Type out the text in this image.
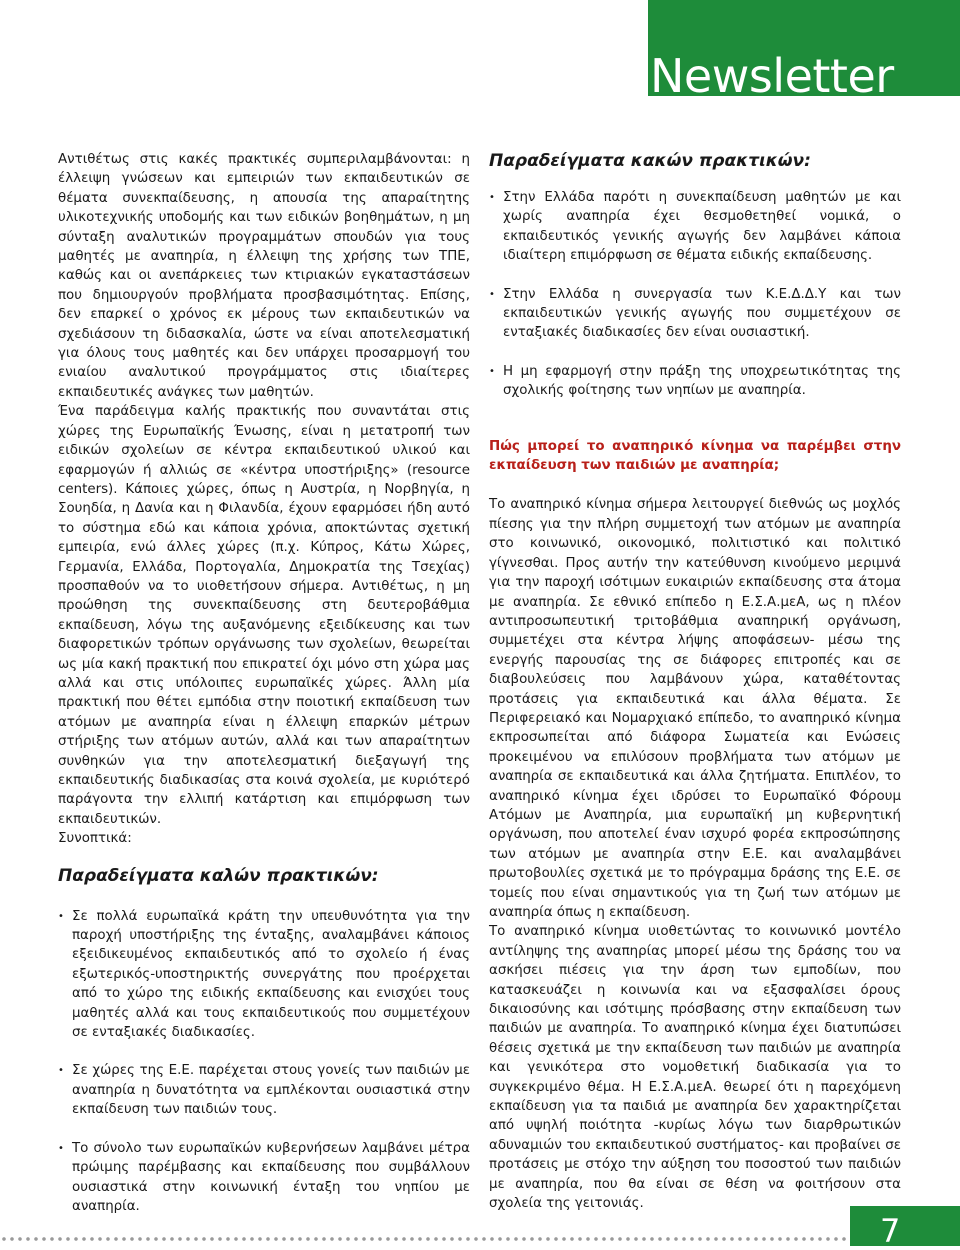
Newsletter

Αντιθέτως στις κακές πρακτικές συμπεριλαμβάνονται: η έλλειψη γνώσεων και εμπειριών των εκπαιδευτικών σε θέματα συνεκπαίδευσης, η απουσία της απαραίτητης υλικοτεχνικής υποδομής και των ειδικών βοηθημάτων, η μη σύνταξη αναλυτικών προγραμμάτων σπουδών για τους μαθητές με αναπηρία, η έλλειψη της χρήσης των ΤΠΕ, καθώς και οι ανεπάρκειες των κτιριακών εγκαταστάσεων που δημιουργούν προβλήματα προσβασιμότητας. Επίσης, δεν επαρκεί ο χρόνος εκ μέρους των εκπαιδευτικών να σχεδιάσουν τη διδασκαλία, ώστε να είναι αποτελεσματική για όλους τους μαθητές και δεν υπάρχει προσαρμογή του ενιαίου αναλυτικού προγράμματος στις ιδιαίτερες εκπαιδευτικές ανάγκες των μαθητών.

Ένα παράδειγμα καλής πρακτικής που συναντάται στις χώρες της Ευρωπαϊκής Ένωσης, είναι η μετατροπή των ειδικών σχολείων σε κέντρα εκπαιδευτικού υλικού και εφαρμογών ή αλλιώς σε «κέντρα υποστήριξης» (resource centers). Κάποιες χώρες, όπως η Αυστρία, η Νορβηγία, η Σουηδία, η Δανία και η Φιλανδία, έχουν εφαρμόσει ήδη αυτό το σύστημα εδώ και κάποια χρόνια, αποκτώντας σχετική εμπειρία, ενώ άλλες χώρες (π.χ. Κύπρος, Κάτω Χώρες, Γερμανία, Ελλάδα, Πορτογαλία, Δημοκρατία της Τσεχίας) προσπαθούν να το υιοθετήσουν σήμερα. Αντιθέτως, η μη προώθηση της συνεκπαίδευσης στη δευτεροβάθμια εκπαίδευση, λόγω της αυξανόμενης εξειδίκευσης και των διαφορετικών τρόπων οργάνωσης των σχολείων, θεωρείται ως μία κακή πρακτική που επικρατεί όχι μόνο στη χώρα μας αλλά και στις υπόλοιπες ευρωπαϊκές χώρες. Άλλη μία πρακτική που θέτει εμπόδια στην ποιοτική εκπαίδευση των ατόμων με αναπηρία είναι η έλλειψη επαρκών μέτρων στήριξης των ατόμων αυτών, αλλά και των απαραίτητων συνθηκών για την αποτελεσματική διεξαγωγή της εκπαιδευτικής διαδικασίας στα κοινά σχολεία, με κυριότερό παράγοντα την ελλιπή κατάρτιση και επιμόρφωση των εκπαιδευτικών.

Συνοπτικά:

Παραδείγματα καλών πρακτικών:
• Σε πολλά ευρωπαϊκά κράτη την υπευθυνότητα για την παροχή υποστήριξης της ένταξης, αναλαμβάνει κάποιος εξειδικευμένος εκπαιδευτικός από το σχολείο ή ένας εξωτερικός-υποστηρικτής συνεργάτης που προέρχεται από το χώρο της ειδικής εκπαίδευσης και ενισχύει τους μαθητές αλλά και τους εκπαιδευτικούς που συμμετέχουν σε ενταξιακές διαδικασίες.
• Σε χώρες της Ε.Ε. παρέχεται στους γονείς των παιδιών με αναπηρία η δυνατότητα να εμπλέκονται ουσιαστικά στην εκπαίδευση των παιδιών τους.
• Το σύνολο των ευρωπαϊκών κυβερνήσεων λαμβάνει μέτρα πρώιμης παρέμβασης και εκπαίδευσης που συμβάλλουν ουσιαστικά στην κοινωνική ένταξη του νηπίου με αναπηρία.
Παραδείγματα κακών πρακτικών:
• Στην Ελλάδα παρότι η συνεκπαίδευση μαθητών με και χωρίς αναπηρία έχει θεσμοθετηθεί νομικά, ο εκπαιδευτικός γενικής αγωγής δεν λαμβάνει κάποια ιδιαίτερη επιμόρφωση σε θέματα ειδικής εκπαίδευσης.
• Στην Ελλάδα η συνεργασία των Κ.Ε.Δ.Δ.Υ και των εκπαιδευτικών γενικής αγωγής που συμμετέχουν σε ενταξιακές διαδικασίες δεν είναι ουσιαστική.
• Η μη εφαρμογή στην πράξη της υποχρεωτικότητας της σχολικής φοίτησης των νηπίων με αναπηρία.
Πώς μπορεί το αναπηρικό κίνημα να παρέμβει στην εκπαίδευση των παιδιών με αναπηρία;

Το αναπηρικό κίνημα σήμερα λειτουργεί διεθνώς ως μοχλός πίεσης για την πλήρη συμμετοχή των ατόμων με αναπηρία στο κοινωνικό, οικονομικό, πολιτιστικό και πολιτικό γίγνεσθαι. Προς αυτήν την κατεύθυνση κινούμενο μεριμνά για την παροχή ισότιμων ευκαιριών εκπαίδευσης στα άτομα με αναπηρία. Σε εθνικό επίπεδο η Ε.Σ.Α.μεΑ, ως η πλέον αντιπροσωπευτική τριτοβάθμια αναπηρική οργάνωση, συμμετέχει στα κέντρα λήψης αποφάσεων- μέσω της ενεργής παρουσίας της σε διάφορες επιτροπές και σε διαβουλεύσεις που λαμβάνουν χώρα, καταθέτοντας προτάσεις για εκπαιδευτικά και άλλα θέματα. Σε Περιφερειακό και Νομαρχιακό επίπεδο, το αναπηρικό κίνημα εκπροσωπείται από διάφορα Σωματεία και Ενώσεις προκειμένου να επιλύσουν προβλήματα των ατόμων με αναπηρία σε εκπαιδευτικά και άλλα ζητήματα. Επιπλέον, το αναπηρικό κίνημα έχει ιδρύσει το Ευρωπαϊκό Φόρουμ Ατόμων με Αναπηρία, μια ευρωπαϊκή μη κυβερνητική οργάνωση, που αποτελεί έναν ισχυρό φορέα εκπροσώπησης των ατόμων με αναπηρία στην Ε.Ε. και αναλαμβάνει πρωτοβουλίες σχετικά με το πρόγραμμα δράσης της Ε.Ε. σε τομείς που είναι σημαντικούς για τη ζωή των ατόμων με αναπηρία όπως η εκπαίδευση.

Το αναπηρικό κίνημα υιοθετώντας το κοινωνικό μοντέλο αντίληψης της αναπηρίας μπορεί μέσω της δράσης του να ασκήσει πιέσεις για την άρση των εμποδίων, που κατασκευάζει η κοινωνία και να εξασφαλίσει όρους δικαιοσύνης και ισότιμης πρόσβασης στην εκπαίδευση των παιδιών με αναπηρία. Το αναπηρικό κίνημα έχει διατυπώσει θέσεις σχετικά με την εκπαίδευση των παιδιών με αναπηρία και γενικότερα στο νομοθετική διαδικασία για το συγκεκριμένο θέμα. Η Ε.Σ.Α.μεΑ. θεωρεί ότι η παρεχόμενη εκπαίδευση για τα παιδιά με αναπηρία δεν χαρακτηρίζεται από υψηλή ποιότητα -κυρίως λόγω των διαρθρωτικών αδυναμιών του εκπαιδευτικού συστήματος- και προβαίνει σε προτάσεις με στόχο την αύξηση του ποσοστού των παιδιών με αναπηρία, που θα είναι σε θέση να φοιτήσουν στα σχολεία της γειτονιάς.

7
